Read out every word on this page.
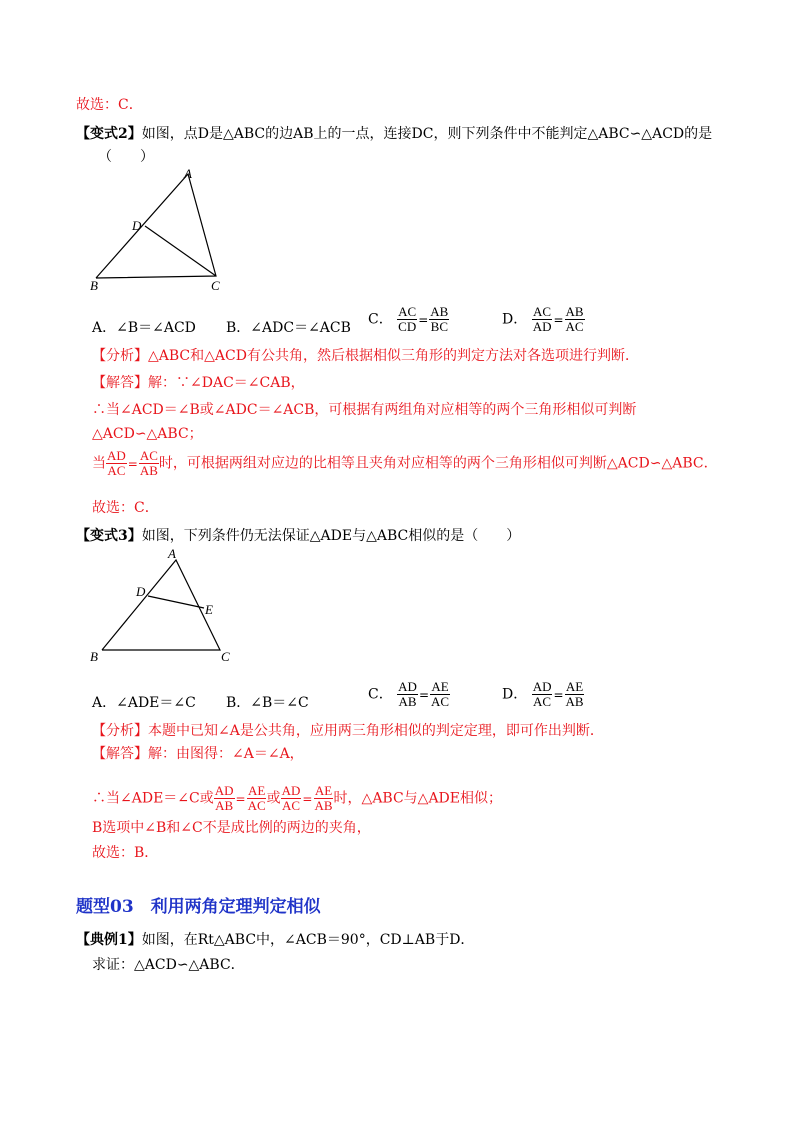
故选：C．
【变式2】如图，点D是△ABC的边AB上的一点，连接DC，则下列条件中不能判定△ABC∽△ACD的是
（　　）
A
D
B	C
A．∠B＝∠ACD B．∠ADC＝∠ACB
C． $\frac{AC}{CD} = \frac{AB}{BC}$	D． $\frac{AC}{AD} = \frac{AB}{AC}$
【分析】△ABC和△ACD有公共角，然后根据相似三角形的判定方法对各选项进行判断．
【解答】解：∵∠DAC＝∠CAB，
∴当∠ACD＝∠B或∠ADC＝∠ACB，可根据有两组角对应相等的两个三角形相似可判断
△ACD∽△ABC；
当 $\frac{AD}{AC} = \frac{AC}{AB}$ 时，可根据两组对应边的比相等且夹角对应相等的两个三角形相似可判断△ACD∽△ABC．
故选：C．
【变式3】如图，下列条件仍无法保证△ADE与△ABC相似的是（　　）
A
D
E
B	C
A．∠ADE＝∠C B．∠B＝∠C
C． $\frac{AD}{AB} = \frac{AE}{AC}$	D． $\frac{AD}{AC} = \frac{AE}{AB}$
【分析】本题中已知∠A是公共角，应用两三角形相似的判定定理，即可作出判断．
【解答】解：由图得：∠A＝∠A，
∴当∠ADE＝∠C或 $\frac{AD}{AB} = \frac{AE}{AC}$ 或 $\frac{AD}{AC} = \frac{AE}{AB}$ 时，△ABC与△ADE相似；
B选项中∠B和∠C不是成比例的两边的夹角，
故选：B．
题型03　利用两角定理判定相似
【典例1】如图，在Rt△ABC中，∠ACB＝90°，CD⊥AB于D．
求证：△ACD∽△ABC．
